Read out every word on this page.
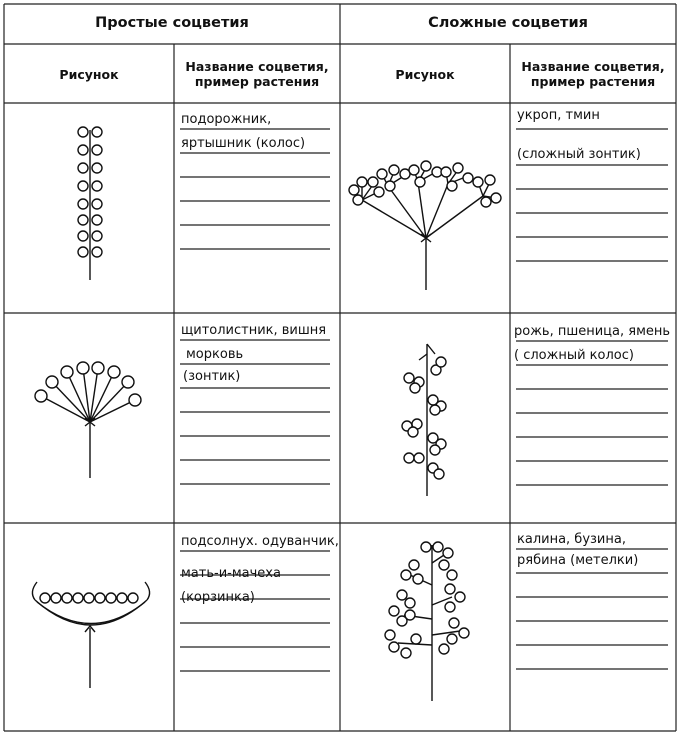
Простые соцветия	Сложные соцветия
Рисунок
Название соцветия,
пример растения	Рисунок
Название соцветия,
пример растения
подорожник,
яртышник (колос)
щитолистник, вишня
морковь
(зонтик)
подсолнух. одуванчик,
мать-и-мачеха
(корзинка)
укроп, тмин
(сложный зонтик)
рожь, пшеница, ямень
( сложный колос)
калина, бузина,
рябина (метелки)
